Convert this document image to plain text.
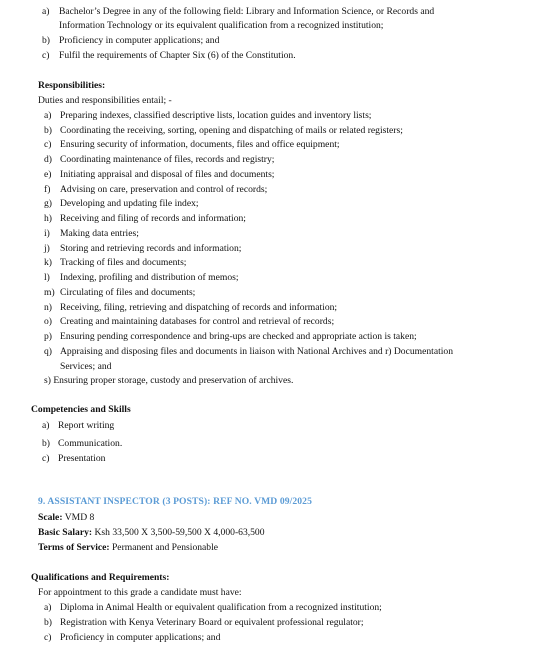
a) Bachelor’s Degree in any of the following field: Library and Information Science, or Records and
Information Technology or its equivalent qualification from a recognized institution;
b) Proficiency in computer applications; and
c) Fulfil the requirements of Chapter Six (6) of the Constitution.
Responsibilities:
Duties and responsibilities entail; -
a) Preparing indexes, classified descriptive lists, location guides and inventory lists;
b) Coordinating the receiving, sorting, opening and dispatching of mails or related registers;
c) Ensuring security of information, documents, files and office equipment;
d) Coordinating maintenance of files, records and registry;
e) Initiating appraisal and disposal of files and documents;
f) Advising on care, preservation and control of records;
g) Developing and updating file index;
h) Receiving and filing of records and information;
i) Making data entries;
j) Storing and retrieving records and information;
k) Tracking of files and documents;
l) Indexing, profiling and distribution of memos;
m) Circulating of files and documents;
n) Receiving, filing, retrieving and dispatching of records and information;
o) Creating and maintaining databases for control and retrieval of records;
p) Ensuring pending correspondence and bring-ups are checked and appropriate action is taken;
q) Appraising and disposing files and documents in liaison with National Archives and r) Documentation
Services; and
s) Ensuring proper storage, custody and preservation of archives.
Competencies and Skills
a) Report writing
b) Communication.
c) Presentation
9. ASSISTANT INSPECTOR (3 POSTS): REF NO. VMD 09/2025
Scale: VMD 8
Basic Salary: Ksh 33,500 X 3,500-59,500 X 4,000-63,500
Terms of Service: Permanent and Pensionable
Qualifications and Requirements:
For appointment to this grade a candidate must have:
a) Diploma in Animal Health or equivalent qualification from a recognized institution;
b) Registration with Kenya Veterinary Board or equivalent professional regulator;
c) Proficiency in computer applications; and
